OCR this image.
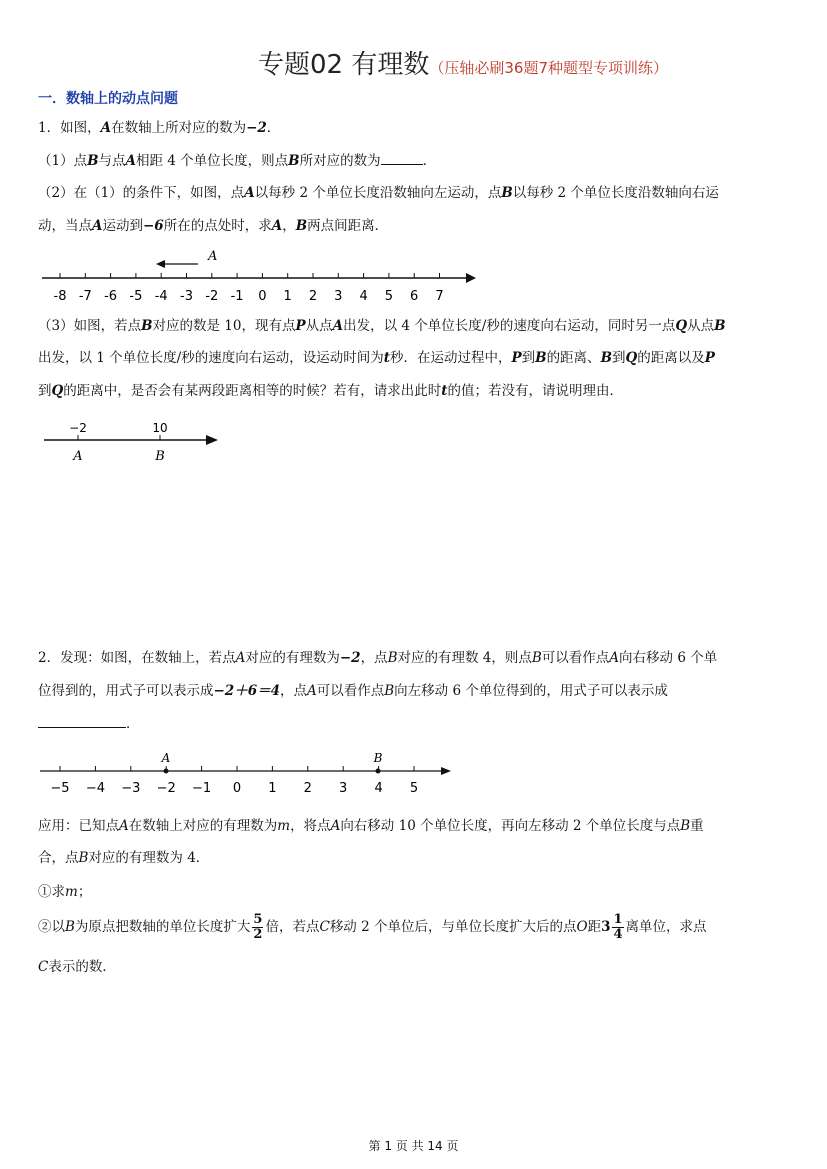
专题02 有理数（压轴必刷36题7种题型专项训练）
一．数轴上的动点问题
1．如图，A在数轴上所对应的数为−2．
（1）点B与点A相距 4 个单位长度，则点B所对应的数为	．
（2）在（1）的条件下，如图，点A以每秒 2 个单位长度沿数轴向左运动，点B以每秒 2 个单位长度沿数轴向右运
动，当点A运动到−6所在的点处时，求A，B两点间距离．
-8 -7 -6 -5 -4 -3 -2 -1 0 1 2 3 4 5 6 7
A
（3）如图，若点B对应的数是 10，现有点P从点A出发，以 4 个单位长度/秒的速度向右运动，同时另一点Q从点B
出发，以 1 个单位长度/秒的速度向右运动，设运动时间为t秒．在运动过程中，P到B的距离、B到Q的距离以及P
到Q的距离中，是否会有某两段距离相等的时候？若有，请求出此时t的值；若没有，请说明理由．
−2	10
A	B
2．发现：如图，在数轴上，若点A对应的有理数为−2，点B对应的有理数 4，则点B可以看作点A向右移动 6 个单
位得到的，用式子可以表示成−2＋6＝4，点A可以看作点B向左移动 6 个单位得到的，用式子可以表示成
．
−5 −4 −3 −2 −1 0 1 2 3 4 5
A	B
应用：已知点A在数轴上对应的有理数为m，将点A向右移动 10 个单位长度，再向左移动 2 个单位长度与点B重
合，点B对应的有理数为 4．
①求m；
②以B为原点把数轴的单位长度扩大 $\frac{5}{2}$ 倍，若点C移动 2 个单位后，与单位长度扩大后的点O距$3 \frac{1}{4}$ 离单位，求点
C表示的数．
第 1 页 共 14 页
